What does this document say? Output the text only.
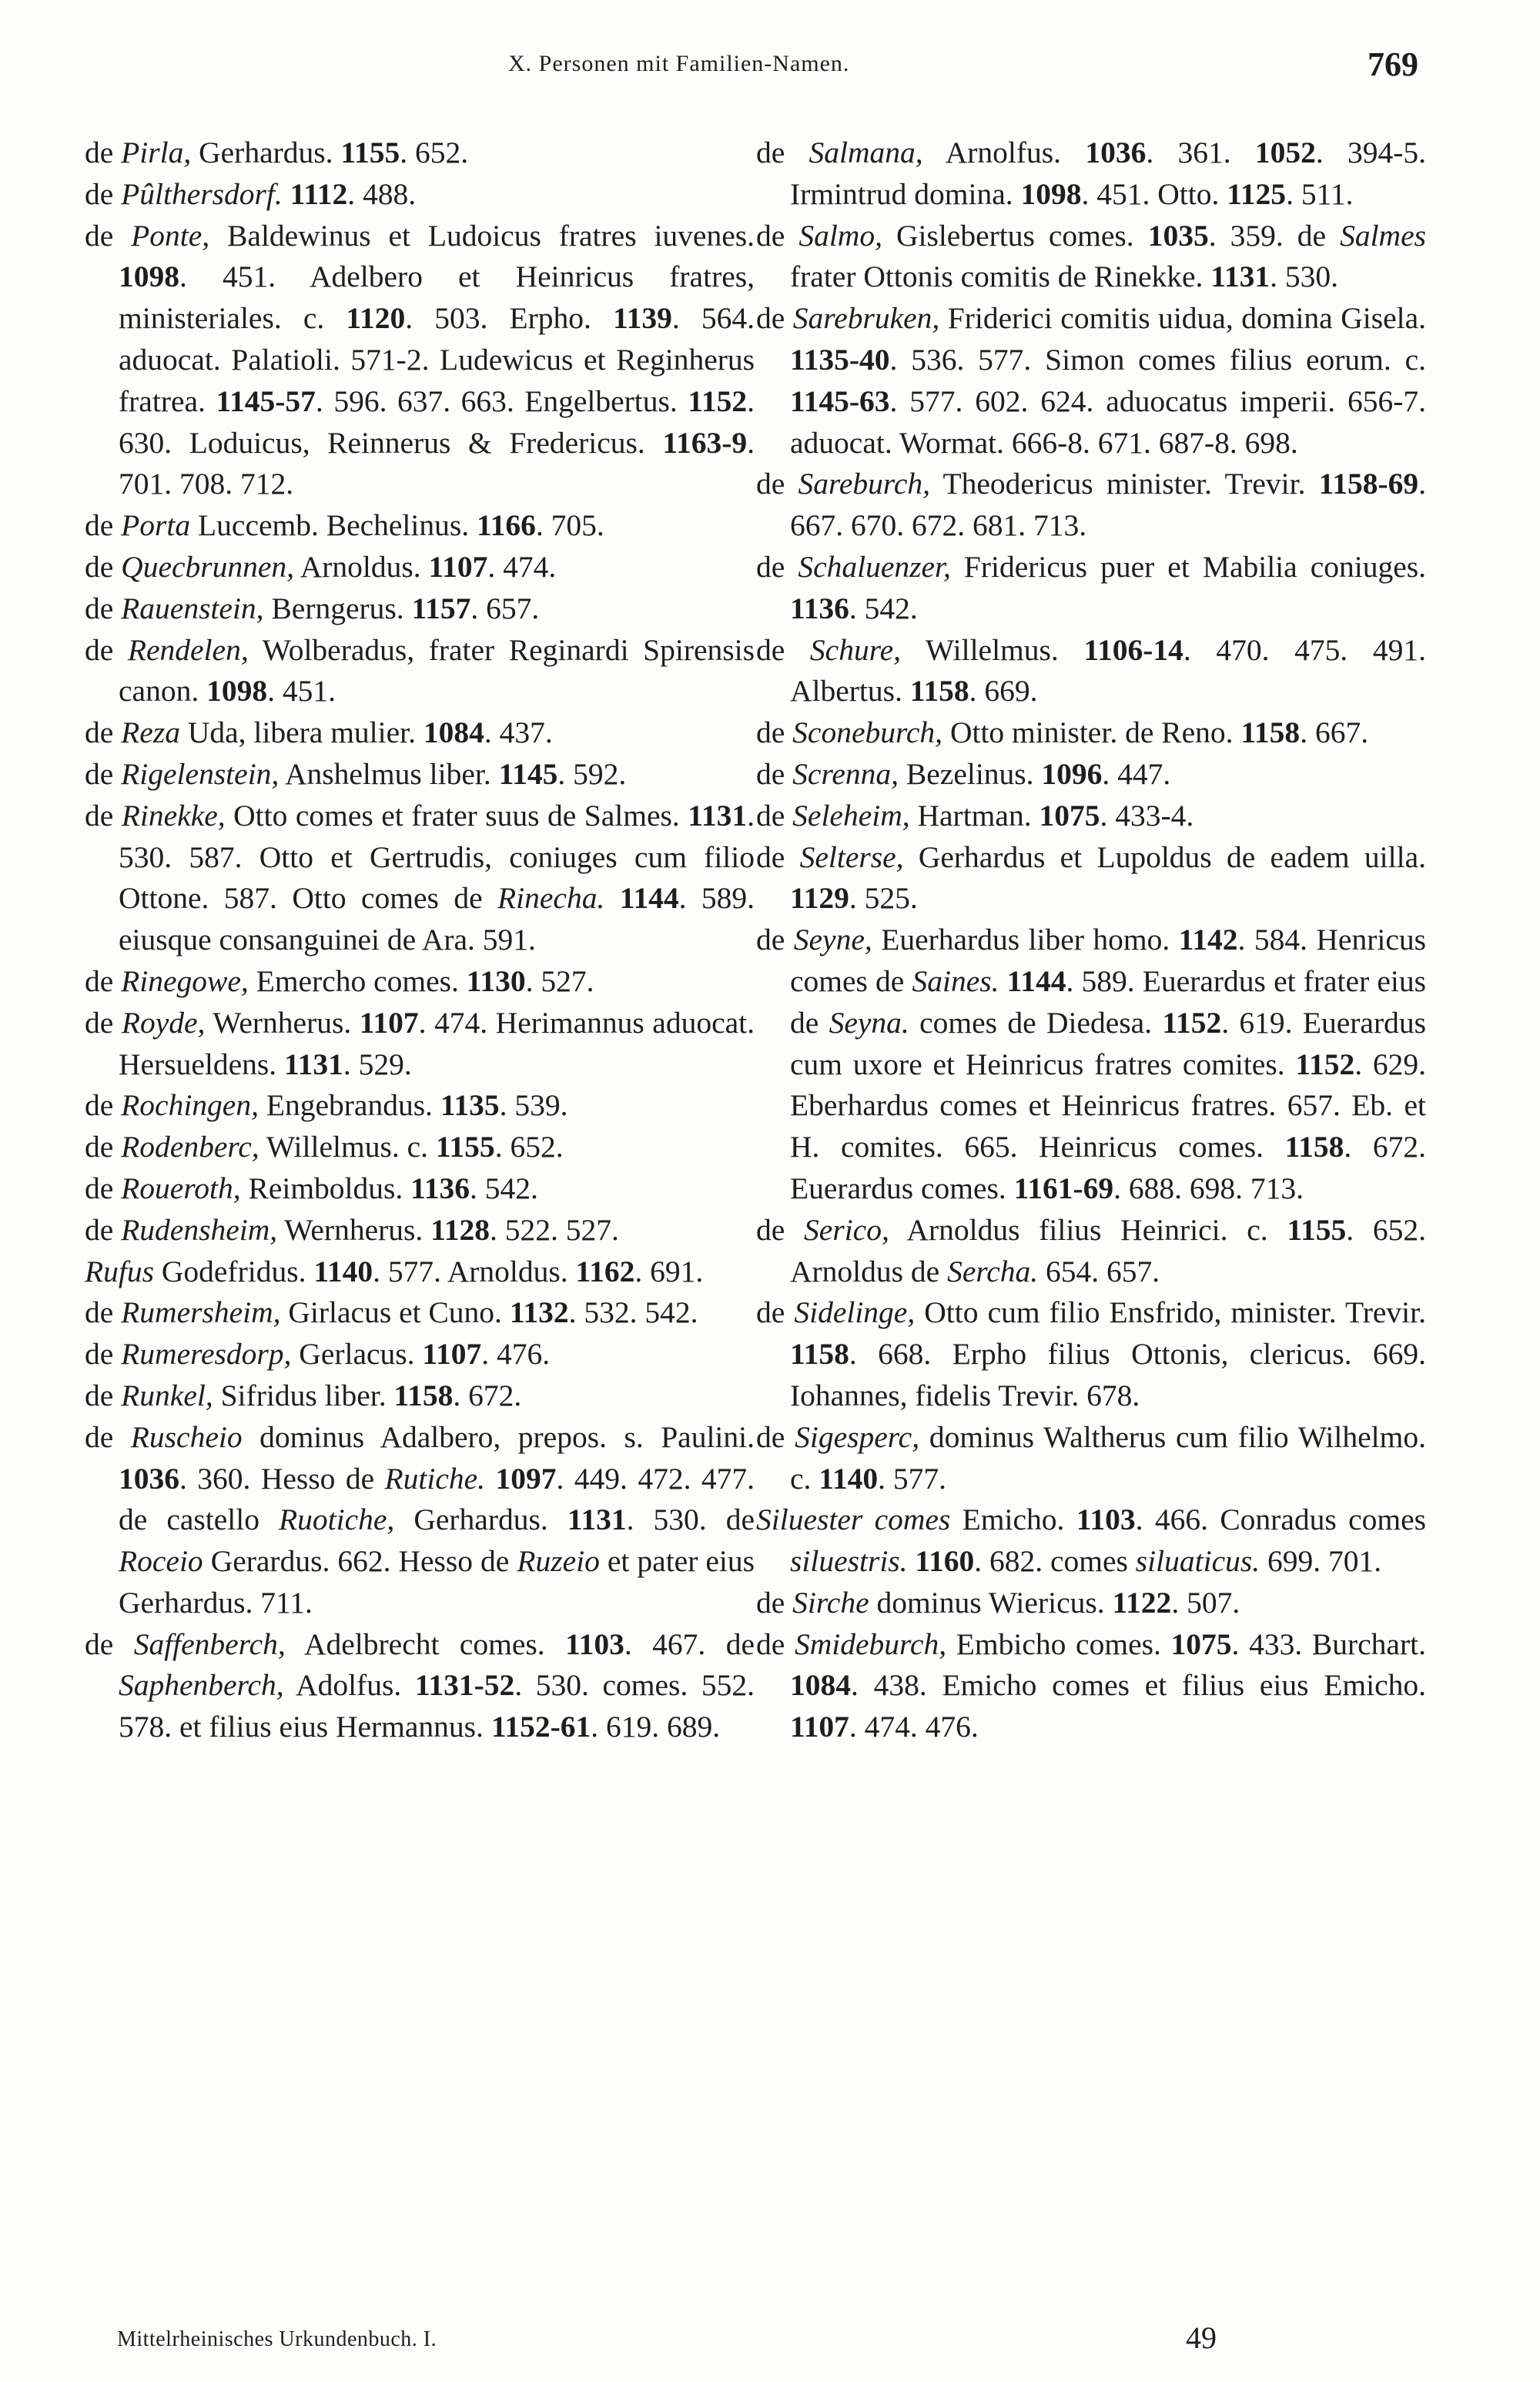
X. Personen mit Familien-Namen.	769

de Pirla, Gerhardus. 1155. 652.

de Pûlthersdorf. 1112. 488.

de Ponte, Baldewinus et Ludoicus fratres iuvenes. 1098. 451. Adelbero et Heinricus fratres, ministeriales. c. 1120. 503. Erpho. 1139. 564. aduocat. Palatioli. 571-2. Ludewicus et Reginherus fratrea. 1145-57. 596. 637. 663. Engelbertus. 1152. 630. Loduicus, Reinnerus & Fredericus. 1163-9. 701. 708. 712.

de Porta Luccemb. Bechelinus. 1166. 705.

de Quecbrunnen, Arnoldus. 1107. 474.

de Rauenstein, Berngerus. 1157. 657.

de Rendelen, Wolberadus, frater Reginardi Spirensis canon. 1098. 451.

de Reza Uda, libera mulier. 1084. 437.

de Rigelenstein, Anshelmus liber. 1145. 592.

de Rinekke, Otto comes et frater suus de Salmes. 1131. 530. 587. Otto et Gertrudis, coniuges cum filio Ottone. 587. Otto comes de Rinecha. 1144. 589. eiusque consanguinei de Ara. 591.

de Rinegowe, Emercho comes. 1130. 527.

de Royde, Wernherus. 1107. 474. Herimannus aduocat. Hersueldens. 1131. 529.

de Rochingen, Engebrandus. 1135. 539.

de Rodenberc, Willelmus. c. 1155. 652.

de Roueroth, Reimboldus. 1136. 542.

de Rudensheim, Wernherus. 1128. 522. 527.

Rufus Godefridus. 1140. 577. Arnoldus. 1162. 691.

de Rumersheim, Girlacus et Cuno. 1132. 532. 542.

de Rumeresdorp, Gerlacus. 1107. 476.

de Runkel, Sifridus liber. 1158. 672.

de Ruscheio dominus Adalbero, prepos. s. Paulini. 1036. 360. Hesso de Rutiche. 1097. 449. 472. 477. de castello Ruotiche, Gerhardus. 1131. 530. de Roceio Gerardus. 662. Hesso de Ruzeio et pater eius Gerhardus. 711.

de Saffenberch, Adelbrecht comes. 1103. 467. de Saphenberch, Adolfus. 1131-52. 530. comes. 552. 578. et filius eius Hermannus. 1152-61. 619. 689.

de Salmana, Arnolfus. 1036. 361. 1052. 394-5. Irmintrud domina. 1098. 451. Otto. 1125. 511.

de Salmo, Gislebertus comes. 1035. 359. de Salmes frater Ottonis comitis de Rinekke. 1131. 530.

de Sarebruken, Friderici comitis uidua, domina Gisela. 1135-40. 536. 577. Simon comes filius eorum. c. 1145-63. 577. 602. 624. aduocatus imperii. 656-7. aduocat. Wormat. 666-8. 671. 687-8. 698.

de Sareburch, Theodericus minister. Trevir. 1158-69. 667. 670. 672. 681. 713.

de Schaluenzer, Fridericus puer et Mabilia coniuges. 1136. 542.

de Schure, Willelmus. 1106-14. 470. 475. 491. Albertus. 1158. 669.

de Sconeburch, Otto minister. de Reno. 1158. 667.

de Screnna, Bezelinus. 1096. 447.

de Seleheim, Hartman. 1075. 433-4.

de Selterse, Gerhardus et Lupoldus de eadem uilla. 1129. 525.

de Seyne, Euerhardus liber homo. 1142. 584. Henricus comes de Saines. 1144. 589. Euerardus et frater eius de Seyna. comes de Diedesa. 1152. 619. Euerardus cum uxore et Heinricus fratres comites. 1152. 629. Eberhardus comes et Heinricus fratres. 657. Eb. et H. comites. 665. Heinricus comes. 1158. 672. Euerardus comes. 1161-69. 688. 698. 713.

de Serico, Arnoldus filius Heinrici. c. 1155. 652. Arnoldus de Sercha. 654. 657.

de Sidelinge, Otto cum filio Ensfrido, minister. Trevir. 1158. 668. Erpho filius Ottonis, clericus. 669. Iohannes, fidelis Trevir. 678.

de Sigesperc, dominus Waltherus cum filio Wilhelmo. c. 1140. 577.

Siluester comes Emicho. 1103. 466. Conradus comes siluestris. 1160. 682. comes siluaticus. 699. 701.

de Sirche dominus Wiericus. 1122. 507.

de Smideburch, Embicho comes. 1075. 433. Burchart. 1084. 438. Emicho comes et filius eius Emicho. 1107. 474. 476.

Mittelrheinisches Urkundenbuch. I.	49
